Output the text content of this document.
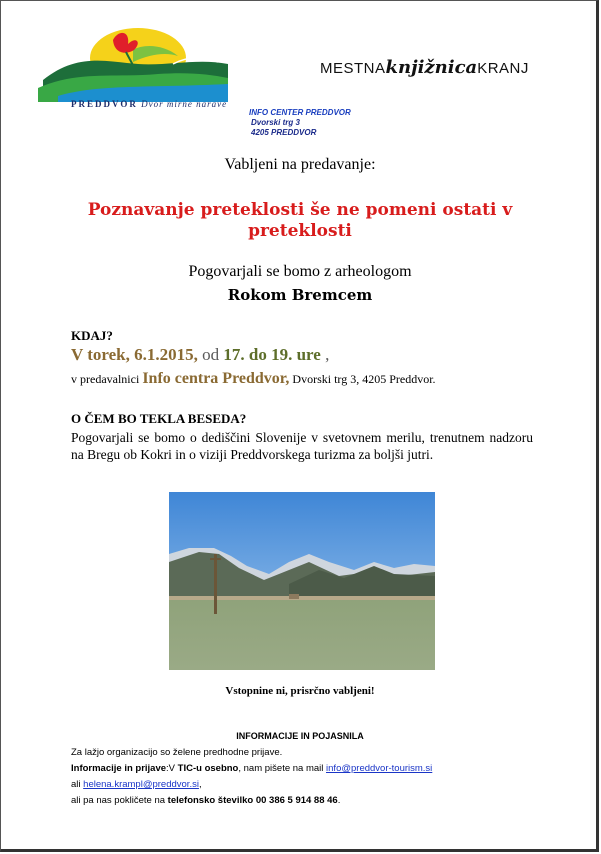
PREDDVOR Dvor mirne narave
INFO CENTER PREDDVOR
Dvorski trg 3
4205 PREDDVOR
MESTNAknjižnicaKRANJ
Vabljeni na predavanje:
Poznavanje preteklosti še ne pomeni ostati v preteklosti
Pogovarjali se bomo z arheologom
Rokom Bremcem
KDAJ?
V torek, 6.1.2015, od 17. do 19. ure ,
v predavalnici Info centra Preddvor, Dvorski trg 3, 4205 Preddvor.
O ČEM BO TEKLA BESEDA?
Pogovarjali se bomo o dediščini Slovenije v svetovnem merilu, trenutnem nadzoru na Bregu ob Kokri in o viziji Preddvorskega turizma za boljši jutri.
Vstopnine ni, prisrčno vabljeni!
INFORMACIJE IN POJASNILA
Za lažjo organizacijo so želene predhodne prijave.
Informacije in prijave:V TIC-u osebno, nam pišete na mail info@preddvor-tourism.si
ali helena.krampl@preddvor.si,
ali pa nas pokličete na telefonsko številko 00 386 5 914 88 46.
